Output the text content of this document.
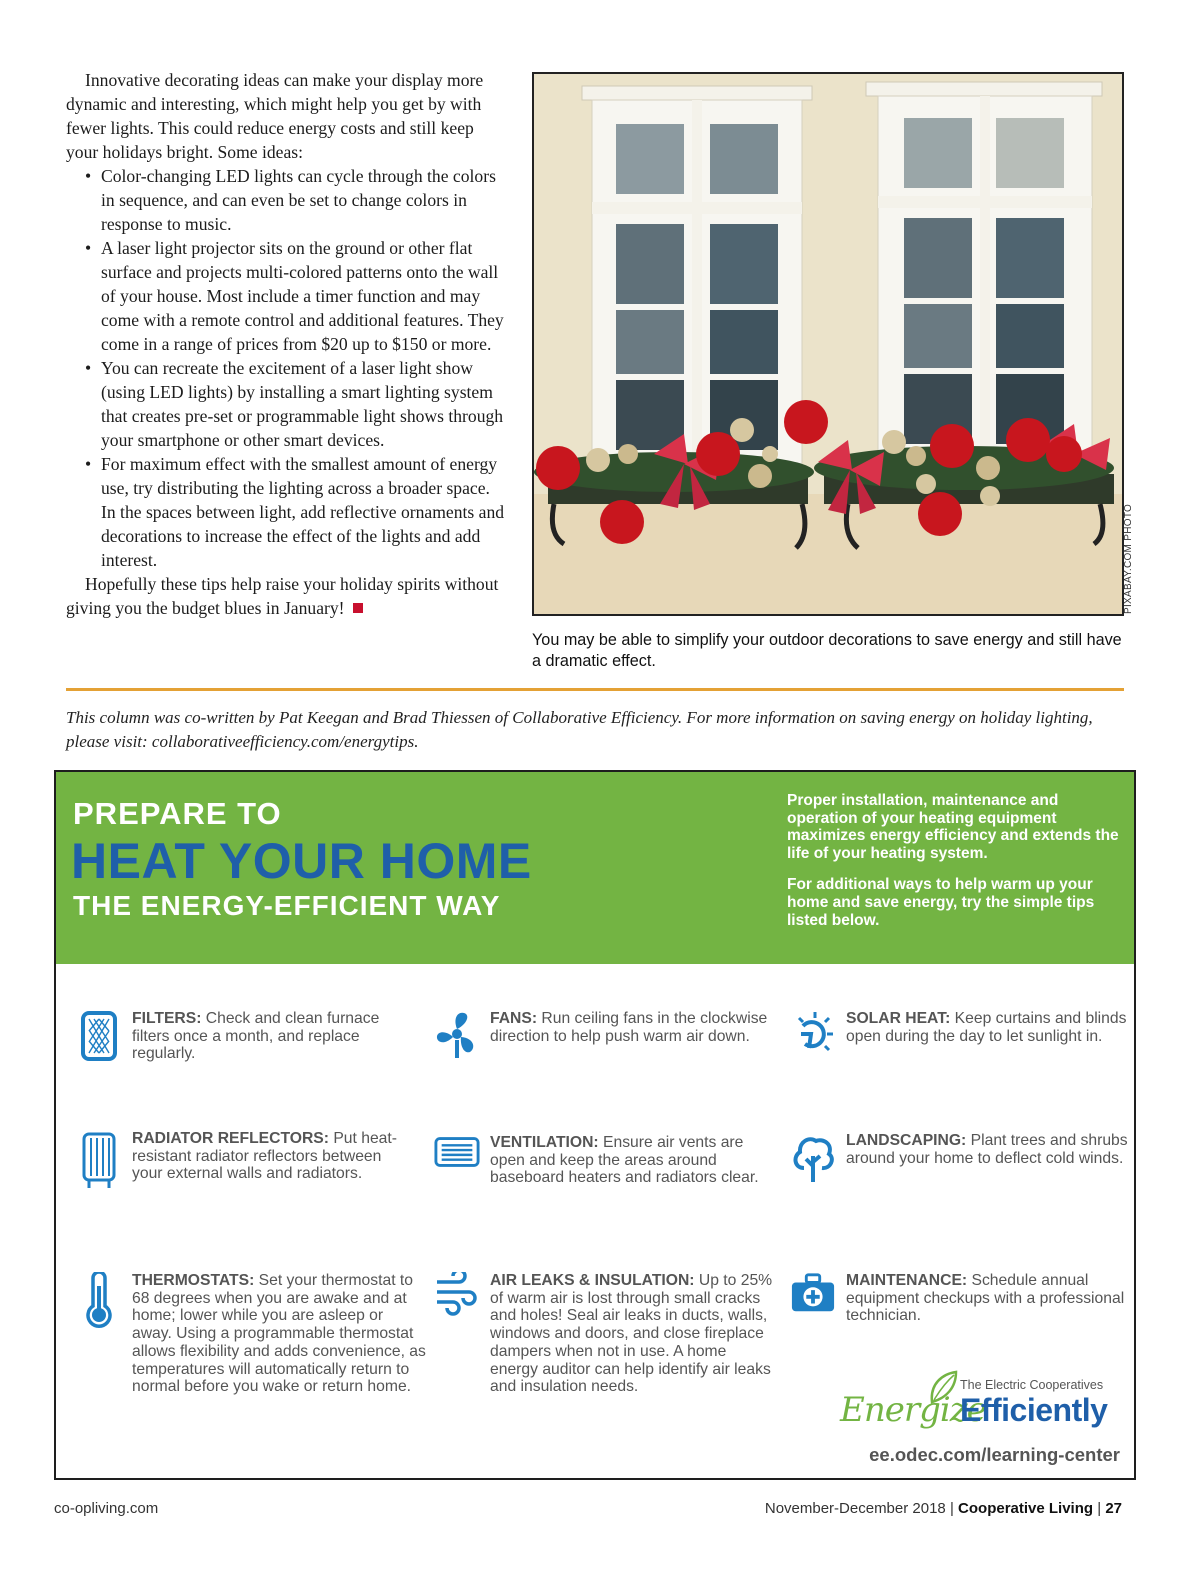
Innovative decorating ideas can make your display more dynamic and interesting, which might help you get by with fewer lights. This could reduce energy costs and still keep your holidays bright. Some ideas:

• Color-changing LED lights can cycle through the colors in sequence, and can even be set to change colors in response to music.
• A laser light projector sits on the ground or other flat surface and projects multi-colored patterns onto the wall of your house. Most include a timer function and may come with a remote control and additional features. They come in a range of prices from $20 up to $150 or more.
• You can recreate the excitement of a laser light show (using LED lights) by installing a smart lighting system that creates pre-set or programmable light shows through your smartphone or other smart devices.
• For maximum effect with the smallest amount of energy use, try distributing the lighting across a broader space. In the spaces between light, add reflective ornaments and decorations to increase the effect of the lights and add interest.

Hopefully these tips help raise your holiday spirits without giving you the budget blues in January!	PIXABAY.COM PHOTO
You may be able to simplify your outdoor decorations to save energy and still have a dramatic effect.
This column was co-written by Pat Keegan and Brad Thiessen of Collaborative Efficiency. For more information on saving energy on holiday lighting, please visit: collaborativeefficiency.com/energytips.
PREPARE TO
HEAT YOUR HOME
THE ENERGY-EFFICIENT WAY

Proper installation, maintenance and operation of your heating equipment maximizes energy efficiency and extends the life of your heating system.

For additional ways to help warm up your home and save energy, try the simple tips listed below.

FILTERS: Check and clean furnace filters once a month, and replace regularly.
FANS: Run ceiling fans in the clockwise direction to help push warm air down.
SOLAR HEAT: Keep curtains and blinds open during the day to let sunlight in.
RADIATOR REFLECTORS: Put heat-resistant radiator reflectors between your external walls and radiators.
VENTILATION: Ensure air vents are open and keep the areas around baseboard heaters and radiators clear.
LANDSCAPING: Plant trees and shrubs around your home to deflect cold winds.
THERMOSTATS: Set your thermostat to 68 degrees when you are awake and at home; lower while you are asleep or away. Using a programmable thermostat allows flexibility and adds convenience, as temperatures will automatically return to normal before you wake or return home.
AIR LEAKS & INSULATION: Up to 25% of warm air is lost through small cracks and holes! Seal air leaks in ducts, walls, windows and doors, and close fireplace dampers when not in use. A home energy auditor can help identify air leaks and insulation needs.
MAINTENANCE: Schedule annual equipment checkups with a professional technician.
The Electric Cooperatives
Energize
Efficiently
ee.odec.com/learning-center
co-opliving.com	November-December 2018 | Cooperative Living | 27
